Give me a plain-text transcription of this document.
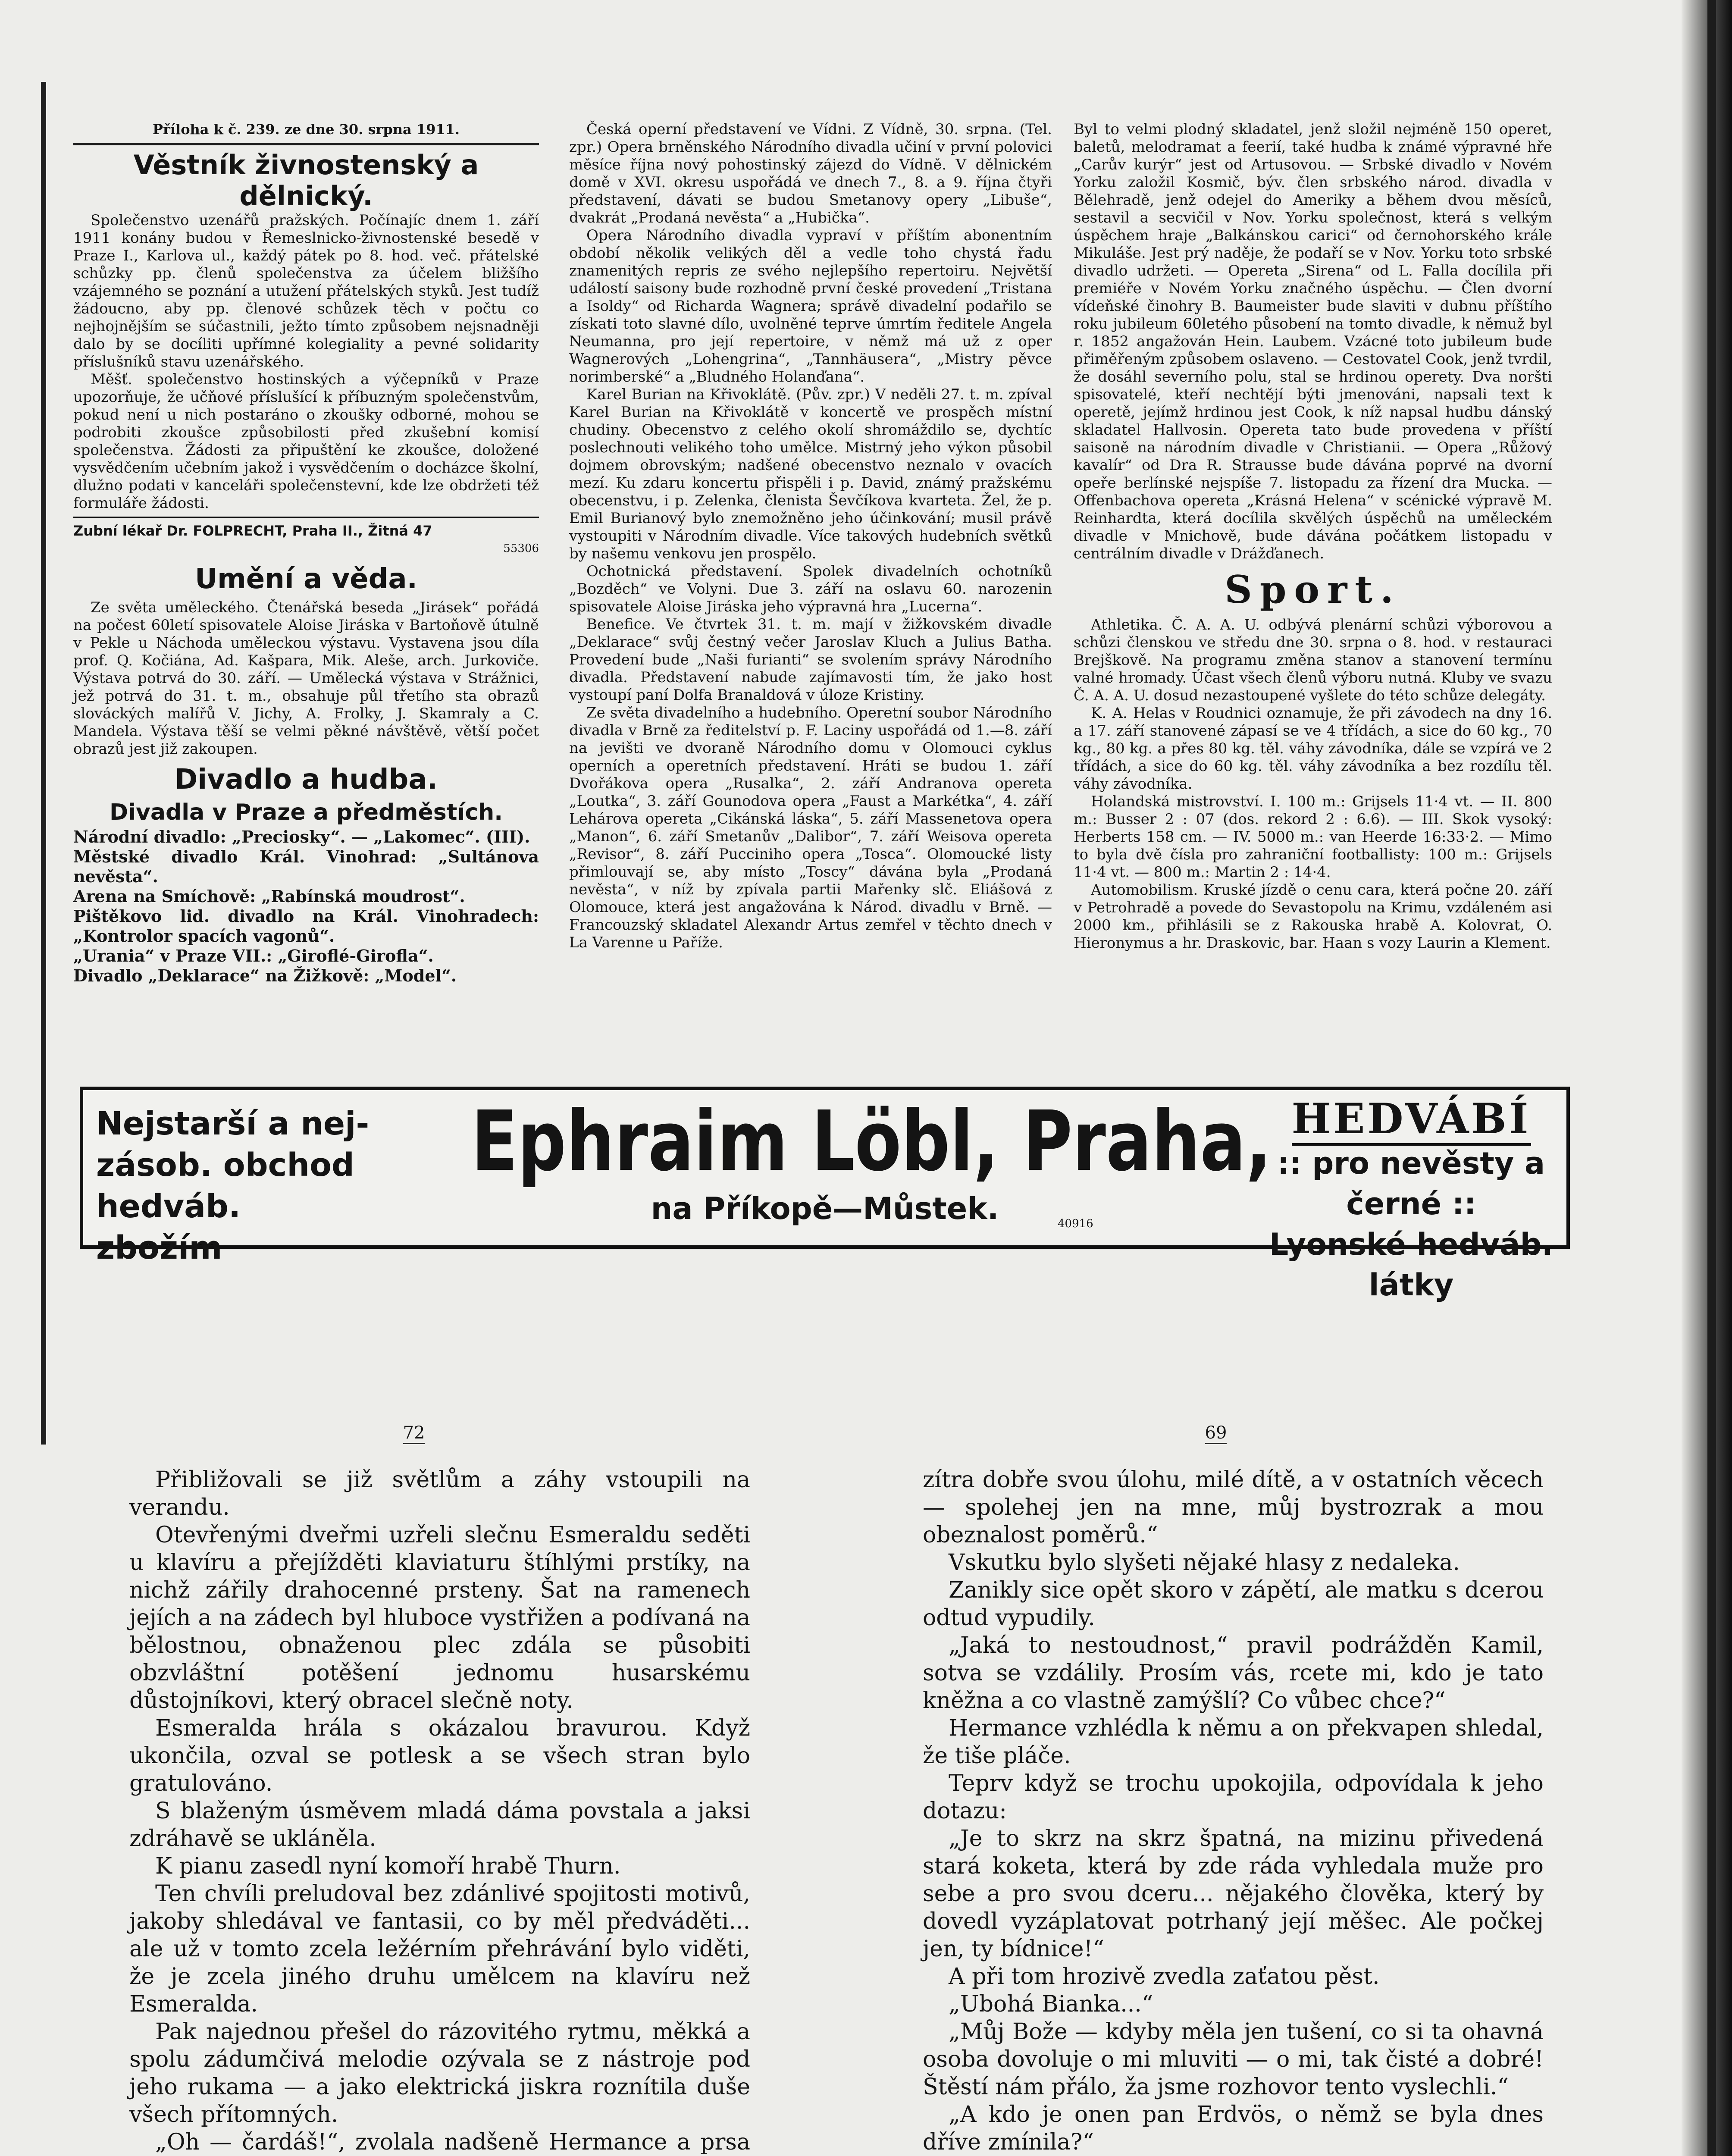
Příloha k č. 239. ze dne 30. srpna 1911.

Věstník živnostenský a dělnický.

Společenstvo uzenářů pražských. Počínajíc dnem 1. září 1911 konány budou v Řemeslnicko-živnostenské besedě v Praze I., Karlova ul., každý pátek po 8. hod. več. přátelské schůzky pp. členů společenstva za účelem bližšího vzájemného se poznání a utužení přátelských styků. Jest tudíž žádoucno, aby pp. členové schůzek těch v počtu co nejhojnějším se súčastnili, ježto tímto způsobem nejsnadněji dalo by se docíliti upřímné kolegiality a pevné solidarity příslušníků stavu uzenářského.

Měšť. společenstvo hostinských a výčepníků v Praze upozorňuje, že učňové příslušící k příbuzným společenstvům, pokud není u nich postaráno o zkoušky odborné, mohou se podrobiti zkoušce způsobilosti před zkušební komisí společenstva. Žádosti za připuštění ke zkoušce, doložené vysvědčením učebním jakož i vysvědčením o docházce školní, dlužno podati v kanceláři společenstevní, kde lze obdržeti též formuláře žádosti.

Zubní lékař Dr. FOLPRECHT, Praha II., Žitná 47

55306
Umění a věda.

Ze světa uměleckého. Čtenářská beseda „Jirásek“ pořádá na počest 60letí spisovatele Aloise Jiráska v Bartoňově útulně v Pekle u Náchoda uměleckou výstavu. Vystavena jsou díla prof. Q. Kočiána, Ad. Kašpara, Mik. Aleše, arch. Jurkoviče. Výstava potrvá do 30. září. — Umělecká výstava v Strážnici, jež potrvá do 31. t. m., obsahuje půl třetího sta obrazů slováckých malířů V. Jichy, A. Frolky, J. Skamraly a C. Mandela. Výstava těší se velmi pěkné návštěvě, větší počet obrazů jest již zakoupen.

Divadlo a hudba.
Divadla v Praze a předměstích.

Národní divadlo: „Preciosky“. — „Lakomec“. (III).

Městské divadlo Král. Vinohrad: „Sultánova nevěsta“.

Arena na Smíchově: „Rabínská moudrost“.

Pištěkovo lid. divadlo na Král. Vinohradech: „Kontrolor spacích vagonů“.

„Urania“ v Praze VII.: „Giroflé-Girofla“.

Divadlo „Deklarace“ na Žižkově: „Model“.

Česká operní představení ve Vídni. Z Vídně, 30. srpna. (Tel. zpr.) Opera brněnského Národního divadla učiní v první polovici měsíce října nový pohostinský zájezd do Vídně. V dělnickém domě v XVI. okresu uspořádá ve dnech 7., 8. a 9. října čtyři představení, dávati se budou Smetanovy opery „Libuše“, dvakrát „Prodaná nevěsta“ a „Hubička“.

Opera Národního divadla vypraví v příštím abonentním období několik velikých děl a vedle toho chystá řadu znamenitých repris ze svého nejlepšího repertoiru. Největší událostí saisony bude rozhodně první české provedení „Tristana a Isoldy“ od Richarda Wagnera; správě divadelní podařilo se získati toto slavné dílo, uvolněné teprve úmrtím ředitele Angela Neumanna, pro její repertoire, v němž má už z oper Wagnerových „Lohengrina“, „Tannhäusera“, „Mistry pěvce norimberské“ a „Bludného Holanďana“.

Karel Burian na Křivoklátě. (Pův. zpr.) V neděli 27. t. m. zpíval Karel Burian na Křivoklátě v koncertě ve prospěch místní chudiny. Obecenstvo z celého okolí shromáždilo se, dychtíc poslechnouti velikého toho umělce. Mistrný jeho výkon působil dojmem obrovským; nadšené obecenstvo neznalo v ovacích mezí. Ku zdaru koncertu přispěli i p. David, známý pražskému obecenstvu, i p. Zelenka, členista Ševčíkova kvarteta. Žel, že p. Emil Burianový bylo znemožněno jeho účinkování; musil právě vystoupiti v Národním divadle. Více takových hudebních světků by našemu venkovu jen prospělo.

Ochotnická představení. Spolek divadelních ochotníků „Bozděch“ ve Volyni. Due 3. září na oslavu 60. narozenin spisovatele Aloise Jiráska jeho výpravná hra „Lucerna“.

Benefice. Ve čtvrtek 31. t. m. mají v žižkovském divadle „Deklarace“ svůj čestný večer Jaroslav Kluch a Julius Batha. Provedení bude „Naši furianti“ se svolením správy Národního divadla. Představení nabude zajímavosti tím, že jako host vystoupí paní Dolfa Branaldová v úloze Kristiny.

Ze světa divadelního a hudebního. Operetní soubor Národního divadla v Brně za ředitelství p. F. Laciny uspořádá od 1.—8. září na jevišti ve dvoraně Národního domu v Olomouci cyklus operních a operetních představení. Hráti se budou 1. září Dvořákova opera „Rusalka“, 2. září Andranova opereta „Loutka“, 3. září Gounodova opera „Faust a Markétka“, 4. září Lehárova opereta „Cikánská láska“, 5. září Massenetova opera „Manon“, 6. září Smetanův „Dalibor“, 7. září Weisova opereta „Revisor“, 8. září Pucciniho opera „Tosca“. Olomoucké listy přimlouvají se, aby místo „Toscy“ dávána byla „Prodaná nevěsta“, v níž by zpívala partii Mařenky slč. Eliášová z Olomouce, která jest angažována k Národ. divadlu v Brně. — Francouzský skladatel Alexandr Artus zemřel v těchto dnech v La Varenne u Paříže.

Byl to velmi plodný skladatel, jenž složil nejméně 150 operet, baletů, melodramat a feerií, také hudba k známé výpravné hře „Carův kurýr“ jest od Artusovou. — Srbské divadlo v Novém Yorku založil Kosmič, býv. člen srbského národ. divadla v Bělehradě, jenž odejel do Ameriky a během dvou měsíců, sestavil a secvičil v Nov. Yorku společnost, která s velkým úspěchem hraje „Balkánskou carici“ od černohorského krále Mikuláše. Jest prý naděje, že podaří se v Nov. Yorku toto srbské divadlo udržeti. — Opereta „Sirena“ od L. Falla docílila při premiéře v Novém Yorku značného úspěchu. — Člen dvorní vídeňské činohry B. Baumeister bude slaviti v dubnu příštího roku jubileum 60letého působení na tomto divadle, k němuž byl r. 1852 angažován Hein. Laubem. Vzácné toto jubileum bude přiměřeným způsobem oslaveno. — Cestovatel Cook, jenž tvrdil, že dosáhl severního polu, stal se hrdinou operety. Dva noršti spisovatelé, kteří nechtějí býti jmenováni, napsali text k operetě, jejímž hrdinou jest Cook, k níž napsal hudbu dánský skladatel Hallvosin. Opereta tato bude provedena v příští saisoně na národním divadle v Christianii. — Opera „Růžový kavalír“ od Dra R. Strausse bude dávána poprvé na dvorní opeře berlínské nejspíše 7. listopadu za řízení dra Mucka. — Offenbachova opereta „Krásná Helena“ v scénické výpravě M. Reinhardta, která docílila skvělých úspěchů na uměleckém divadle v Mnichově, bude dávána počátkem listopadu v centrálním divadle v Drážďanech.

Sport.

Athletika. Č. A. A. U. odbývá plenární schůzi výborovou a schůzi členskou ve středu dne 30. srpna o 8. hod. v restauraci Brejškově. Na programu změna stanov a stanovení termínu valné hromady. Účast všech členů výboru nutná. Kluby ve svazu Č. A. A. U. dosud nezastoupené vyšlete do této schůze delegáty.

K. A. Helas v Roudnici oznamuje, že při závodech na dny 16. a 17. září stanovené zápasí se ve 4 třídách, a sice do 60 kg., 70 kg., 80 kg. a přes 80 kg. těl. váhy závodníka, dále se vzpírá ve 2 třídách, a sice do 60 kg. těl. váhy závodníka a bez rozdílu těl. váhy závodníka.

Holandská mistrovství. I. 100 m.: Grijsels 11·4 vt. — II. 800 m.: Busser 2 : 07 (dos. rekord 2 : 6.6). — III. Skok vysoký: Herberts 158 cm. — IV. 5000 m.: van Heerde 16:33·2. — Mimo to byla dvě čísla pro zahraniční footballisty: 100 m.: Grijsels 11·4 vt. — 800 m.: Martin 2 : 14·4.

Automobilism. Kruské jízdě o cenu cara, která počne 20. září v Petrohradě a povede do Sevastopolu na Krimu, vzdáleném asi 2000 km., přihlásili se z Rakouska hrabě A. Kolovrat, O. Hieronymus a hr. Draskovic, bar. Haan s vozy Laurin a Klement.

Nejstarší a nej-
zásob. obchod
hedváb. zbožím
Ephraim Löbl, Praha,
na Příkopě—Můstek.	40916
HEDVÁBÍ
:: pro nevěsty a černé ::
Lyonské hedváb. látky
72	69

Přibližovali se již světlům a záhy vstoupili na verandu.

Otevřenými dveřmi uzřeli slečnu Esmeraldu seděti u klavíru a přejížděti klaviaturu štíhlými prstíky, na nichž zářily drahocenné prsteny. Šat na ramenech jejích a na zádech byl hluboce vystřižen a podívaná na bělostnou, obnaženou plec zdála se působiti obzvláštní potěšení jednomu husarskému důstojníkovi, který obracel slečně noty.

Esmeralda hrála s okázalou bravurou. Když ukončila, ozval se potlesk a se všech stran bylo gratulováno.

S blaženým úsměvem mladá dáma povstala a jaksi zdráhavě se ukláněla.

K pianu zasedl nyní komoří hrabě Thurn.

Ten chvíli preludoval bez zdánlivé spojitosti motivů, jakoby shledával ve fantasii, co by měl předváděti... ale už v tomto zcela ležérním přehrávání bylo viděti, že je zcela jiného druhu umělcem na klavíru než Esmeralda.

Pak najednou přešel do rázovitého rytmu, měkká a spolu zádumčivá melodie ozývala se z nástroje pod jeho rukama — a jako elektrická jiskra roznítila duše všech přítomných.

„Oh — čardáš!“, zvolala nadšeně Hermance a prsa

zítra dobře svou úlohu, milé dítě, a v ostatních věcech — spolehej jen na mne, můj bystrozrak a mou obeznalost poměrů.“

Vskutku bylo slyšeti nějaké hlasy z nedaleka.

Zanikly sice opět skoro v zápětí, ale matku s dcerou odtud vypudily.

„Jaká to nestoudnost,“ pravil podrážděn Kamil, sotva se vzdálily. Prosím vás, rcete mi, kdo je tato kněžna a co vlastně zamýšlí? Co vůbec chce?“

Hermance vzhlédla k němu a on překvapen shledal, že tiše pláče.

Teprv když se trochu upokojila, odpovídala k jeho dotazu:

„Je to skrz na skrz špatná, na mizinu přivedená stará koketa, která by zde ráda vyhledala muže pro sebe a pro svou dceru... nějakého člověka, který by dovedl vyzáplatovat potrhaný její měšec. Ale počkej jen, ty bídnice!“

A při tom hrozivě zvedla zaťatou pěst.

„Ubohá Bianka...“

„Můj Bože — kdyby měla jen tušení, co si ta ohavná osoba dovoluje o mi mluviti — o mi, tak čisté a dobré! Štěstí nám přálo, ža jsme rozhovor tento vyslechli.“

„A kdo je onen pan Erdvös, o němž se byla dnes dříve zmínila?“
